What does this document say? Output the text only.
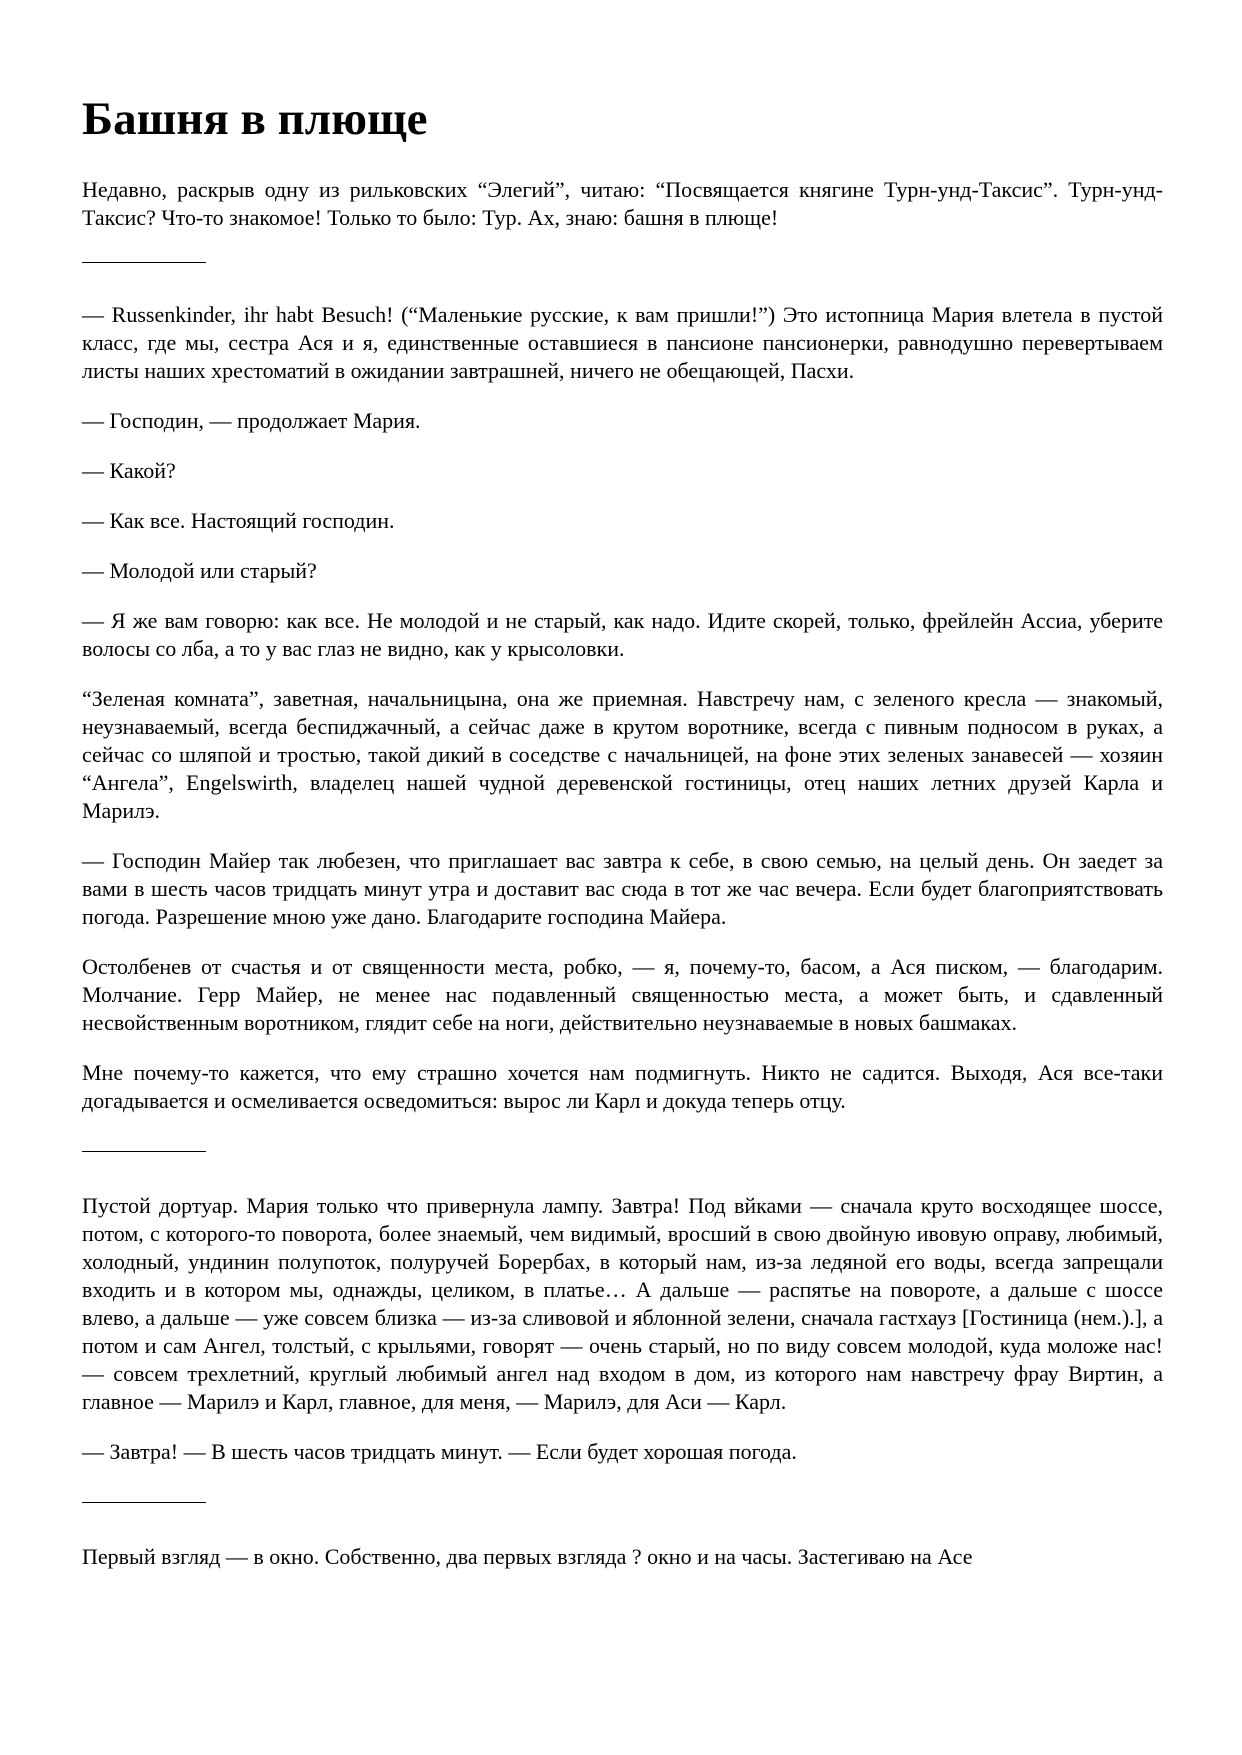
Башня в плюще

Недавно, раскрыв одну из рильковских “Элегий”, читаю: “Посвящается княгине Турн-унд-Таксис”. Турн-унд-Таксис? Что-то знакомое! Только то было: Тур. Ах, знаю: башня в плюще!

— Russenkinder, ihr habt Besuch! (“Маленькие русские, к вам пришли!”) Это истопница Мария влетела в пустой класс, где мы, сестра Ася и я, единственные оставшиеся в пансионе пансионерки, равнодушно перевертываем листы наших хрестоматий в ожидании завтрашней, ничего не обещающей, Пасхи.

— Господин, — продолжает Мария.

— Какой?

— Как все. Настоящий господин.

— Молодой или старый?

— Я же вам говорю: как все. Не молодой и не старый, как надо. Идите скорей, только, фрейлейн Ассиа, уберите волосы со лба, а то у вас глаз не видно, как у крысоловки.

“Зеленая комната”, заветная, начальницына, она же приемная. Навстречу нам, с зеленого кресла — знакомый, неузнаваемый, всегда беспиджачный, а сейчас даже в крутом воротнике, всегда с пивным подносом в руках, а сейчас со шляпой и тростью, такой дикий в соседстве с начальницей, на фоне этих зеленых занавесей — хозяин “Ангела”, Engelswirth, владелец нашей чудной деревенской гостиницы, отец наших летних друзей Карла и Марилэ.

— Господин Майер так любезен, что приглашает вас завтра к себе, в свою семью, на целый день. Он заедет за вами в шесть часов тридцать минут утра и доставит вас сюда в тот же час вечера. Если будет благоприятствовать погода. Разрешение мною уже дано. Благодарите господина Майера.

Остолбенев от счастья и от священности места, робко, — я, почему-то, басом, а Ася писком, — благодарим. Молчание. Герр Майер, не менее нас подавленный священностью места, а может быть, и сдавленный несвойственным воротником, глядит себе на ноги, действительно неузнаваемые в новых башмаках.

Мне почему-то кажется, что ему страшно хочется нам подмигнуть. Никто не садится. Выходя, Ася все-таки догадывается и осмеливается осведомиться: вырос ли Карл и докуда теперь отцу.

Пустой дортуар. Мария только что привернула лампу. Завтра! Под вйками — сначала круто восходящее шоссе, потом, с которого-то поворота, более знаемый, чем видимый, вросший в свою двойную ивовую оправу, любимый, холодный, ундинин полупоток, полуручей Борербах, в который нам, из-за ледяной его воды, всегда запрещали входить и в котором мы, однажды, целиком, в платье… А дальше — распятье на повороте, а дальше с шоссе влево, а дальше — уже совсем близка — из-за сливовой и яблонной зелени, сначала гастхауз [Гостиница (нем.).], а потом и сам Ангел, толстый, с крыльями, говорят — очень старый, но по виду совсем молодой, куда моложе нас! — совсем трехлетний, круглый любимый ангел над входом в дом, из которого нам навстречу фрау Виртин, а главное — Марилэ и Карл, главное, для меня, — Марилэ, для Аси — Карл.

— Завтра! — В шесть часов тридцать минут. — Если будет хорошая погода.

Первый взгляд — в окно. Собственно, два первых взгляда ? окно и на часы. Застегиваю на Асе
